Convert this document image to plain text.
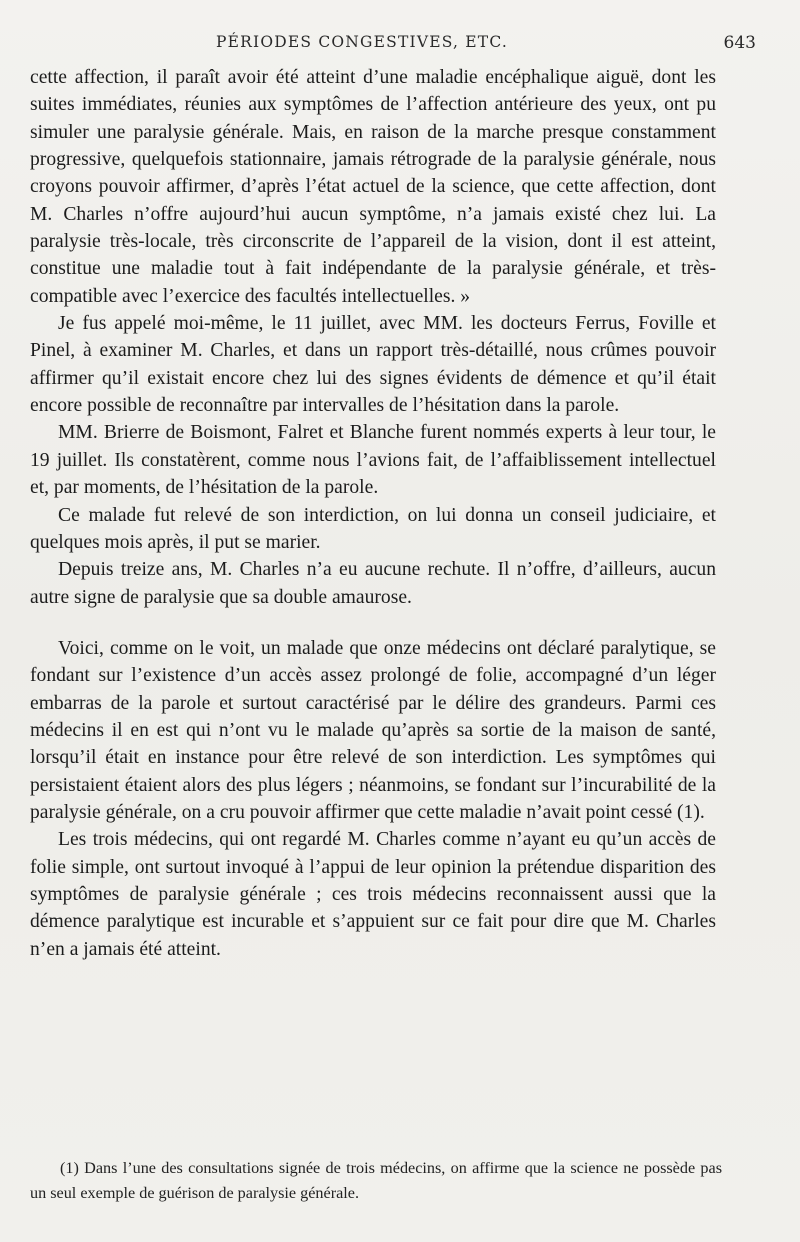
PÉRIODES CONGESTIVES, ETC.	643

cette affection, il paraît avoir été atteint d’une maladie encéphalique aiguë, dont les suites immédiates, réunies aux symptômes de l’affection antérieure des yeux, ont pu simuler une paralysie générale. Mais, en raison de la marche presque constamment progressive, quelquefois stationnaire, jamais rétrograde de la paralysie générale, nous croyons pouvoir affirmer, d’après l’état actuel de la science, que cette affection, dont M. Charles n’offre aujourd’hui aucun symptôme, n’a jamais existé chez lui. La paralysie très-locale, très circonscrite de l’appareil de la vision, dont il est atteint, constitue une maladie tout à fait indépendante de la paralysie générale, et très-compatible avec l’exercice des facultés intellectuelles. »

Je fus appelé moi-même, le 11 juillet, avec MM. les docteurs Ferrus, Foville et Pinel, à examiner M. Charles, et dans un rapport très-détaillé, nous crûmes pouvoir affirmer qu’il existait encore chez lui des signes évidents de démence et qu’il était encore possible de reconnaître par intervalles de l’hésitation dans la parole.

MM. Brierre de Boismont, Falret et Blanche furent nommés experts à leur tour, le 19 juillet. Ils constatèrent, comme nous l’avions fait, de l’affaiblissement intellectuel et, par moments, de l’hésitation de la parole.

Ce malade fut relevé de son interdiction, on lui donna un conseil judiciaire, et quelques mois après, il put se marier.

Depuis treize ans, M. Charles n’a eu aucune rechute. Il n’offre, d’ailleurs, aucun autre signe de paralysie que sa double amaurose.

Voici, comme on le voit, un malade que onze médecins ont déclaré paralytique, se fondant sur l’existence d’un accès assez prolongé de folie, accompagné d’un léger embarras de la parole et surtout caractérisé par le délire des grandeurs. Parmi ces médecins il en est qui n’ont vu le malade qu’après sa sortie de la maison de santé, lorsqu’il était en instance pour être relevé de son interdiction. Les symptômes qui persistaient étaient alors des plus légers ; néanmoins, se fondant sur l’incurabilité de la paralysie générale, on a cru pouvoir affirmer que cette maladie n’avait point cessé (1).

Les trois médecins, qui ont regardé M. Charles comme n’ayant eu qu’un accès de folie simple, ont surtout invoqué à l’appui de leur opinion la prétendue disparition des symptômes de paralysie générale ; ces trois médecins reconnaissent aussi que la démence paralytique est incurable et s’appuient sur ce fait pour dire que M. Charles n’en a jamais été atteint.

(1) Dans l’une des consultations signée de trois médecins, on affirme que la science ne possède pas un seul exemple de guérison de paralysie générale.
